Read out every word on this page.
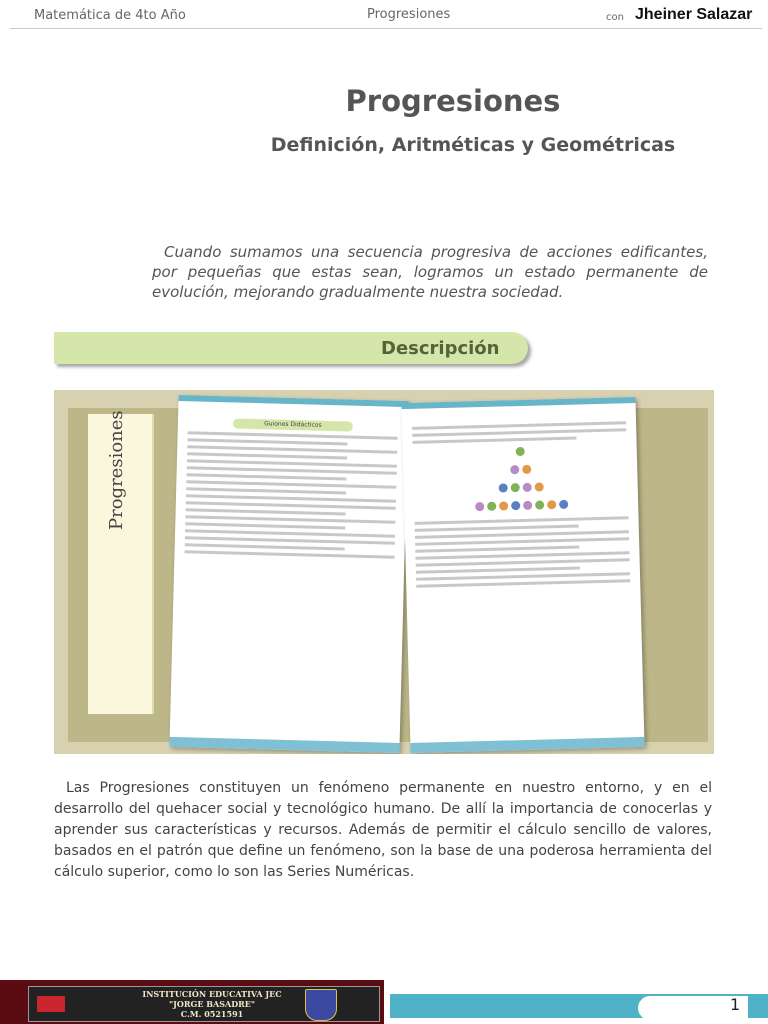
Matemática de 4to Año	Progresiones	con Jheiner Salazar
Progresiones
Definición, Aritméticas y Geométricas
Cuando sumamos una secuencia progresiva de acciones edificantes, por pequeñas que estas sean, logramos un estado permanente de evolución, mejorando gradualmente nuestra sociedad.
Descripción
Progresiones	Guiones Didácticos
Las Progresiones constituyen un fenómeno permanente en nuestro entorno, y en el desarrollo del quehacer social y tecnológico humano. De allí la importancia de conocerlas y aprender sus características y recursos. Además de permitir el cálculo sencillo de valores, basados en el patrón que define un fenómeno, son la base de una poderosa herramienta del cálculo superior, como lo son las Series Numéricas.
INSTITUCIÓN EDUCATIVA JEC
"JORGE BASADRE"
C.M. 0521591	1
